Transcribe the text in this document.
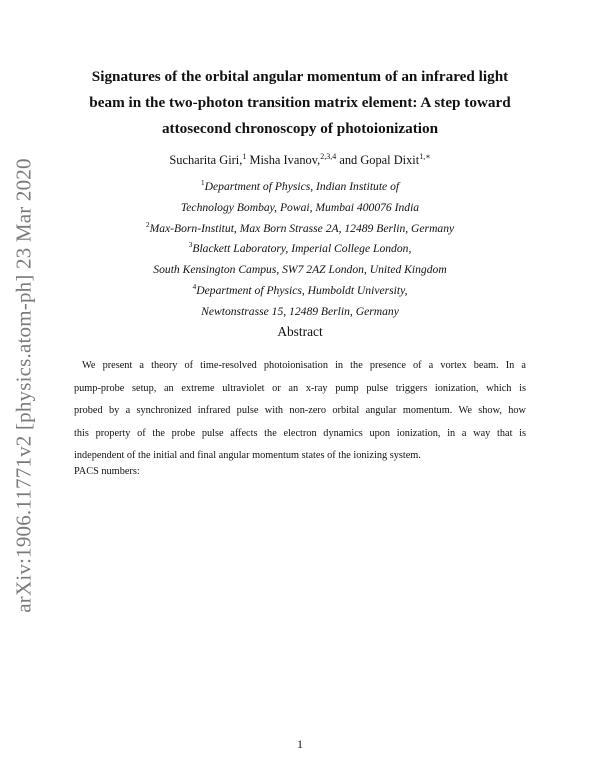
arXiv:1906.11771v2 [physics.atom-ph] 23 Mar 2020
Signatures of the orbital angular momentum of an infrared light
beam in the two-photon transition matrix element: A step toward
attosecond chronoscopy of photoionization
Sucharita Giri,$^1$ Misha Ivanov,$^{2,3,4}$ and Gopal Dixit$^{1,∗}$
$^1$Department of Physics, Indian Institute of
Technology Bombay, Powai, Mumbai 400076 India
$^2$Max-Born-Institut, Max Born Strasse 2A, 12489 Berlin, Germany
$^3$Blackett Laboratory, Imperial College London,
South Kensington Campus, SW7 2AZ London, United Kingdom
$^4$Department of Physics, Humboldt University,
Newtonstrasse 15, 12489 Berlin, Germany
Abstract
We present a theory of time-resolved photoionisation in the presence of a vortex beam. In a
pump-probe setup, an extreme ultraviolet or an x-ray pump pulse triggers ionization, which is
probed by a synchronized infrared pulse with non-zero orbital angular momentum. We show, how
this property of the probe pulse affects the electron dynamics upon ionization, in a way that is
independent of the initial and final angular momentum states of the ionizing system.
PACS numbers:
1
